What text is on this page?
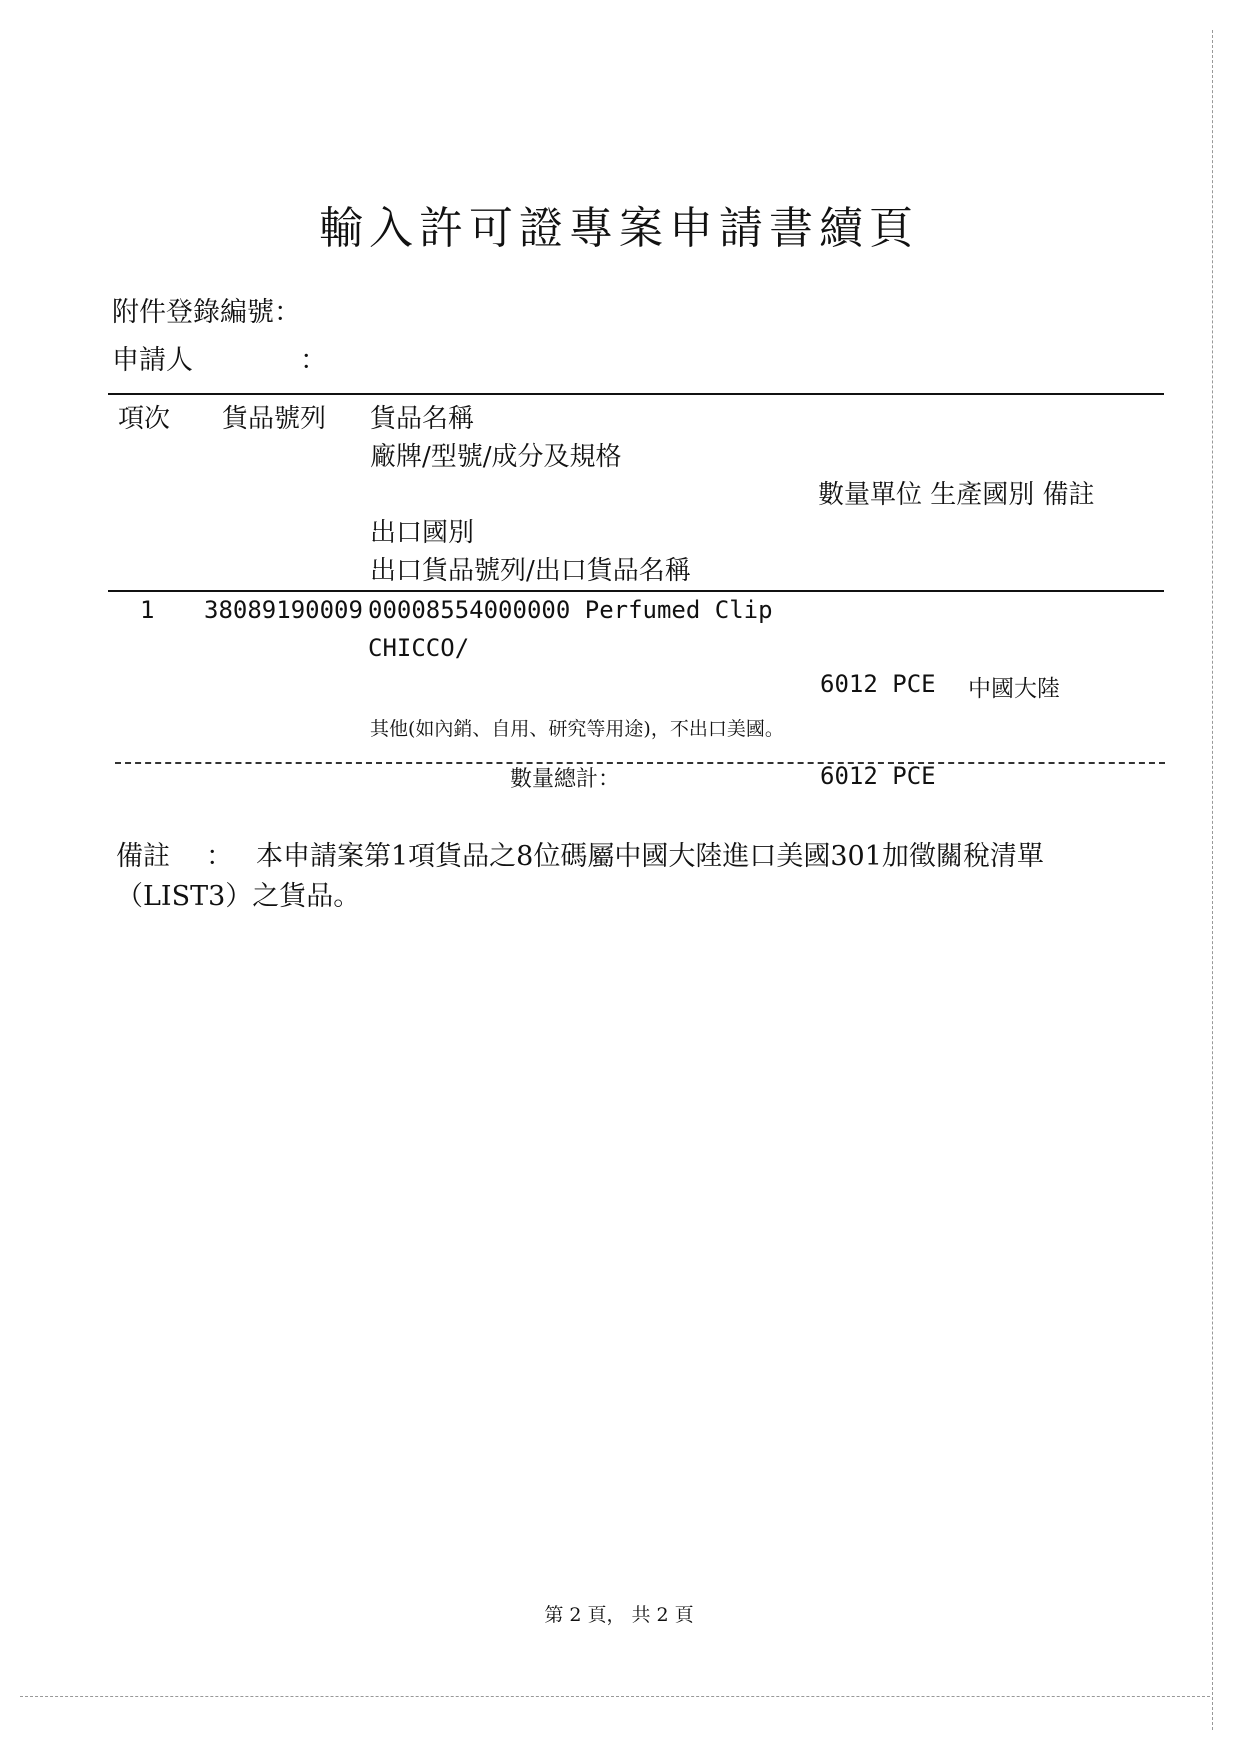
輸入許可證專案申請書續頁
附件登錄編號：
申請人	：
項次 貨品號列 貨品名稱
廠牌/型號/成分及規格
數量單位 生產國別 備註
出口國別
出口貨品號列/出口貨品名稱
1 38089190009 00008554000000 Perfumed Clip
CHICCO/
6012 PCE 中國大陸
其他(如內銷、自用、研究等用途)，不出口美國。
數量總計：	6012 PCE
備註 ： 本申請案第1項貨品之8位碼屬中國大陸進口美國301加徵關稅清單
（LIST3）之貨品。
第 2 頁， 共 2 頁
